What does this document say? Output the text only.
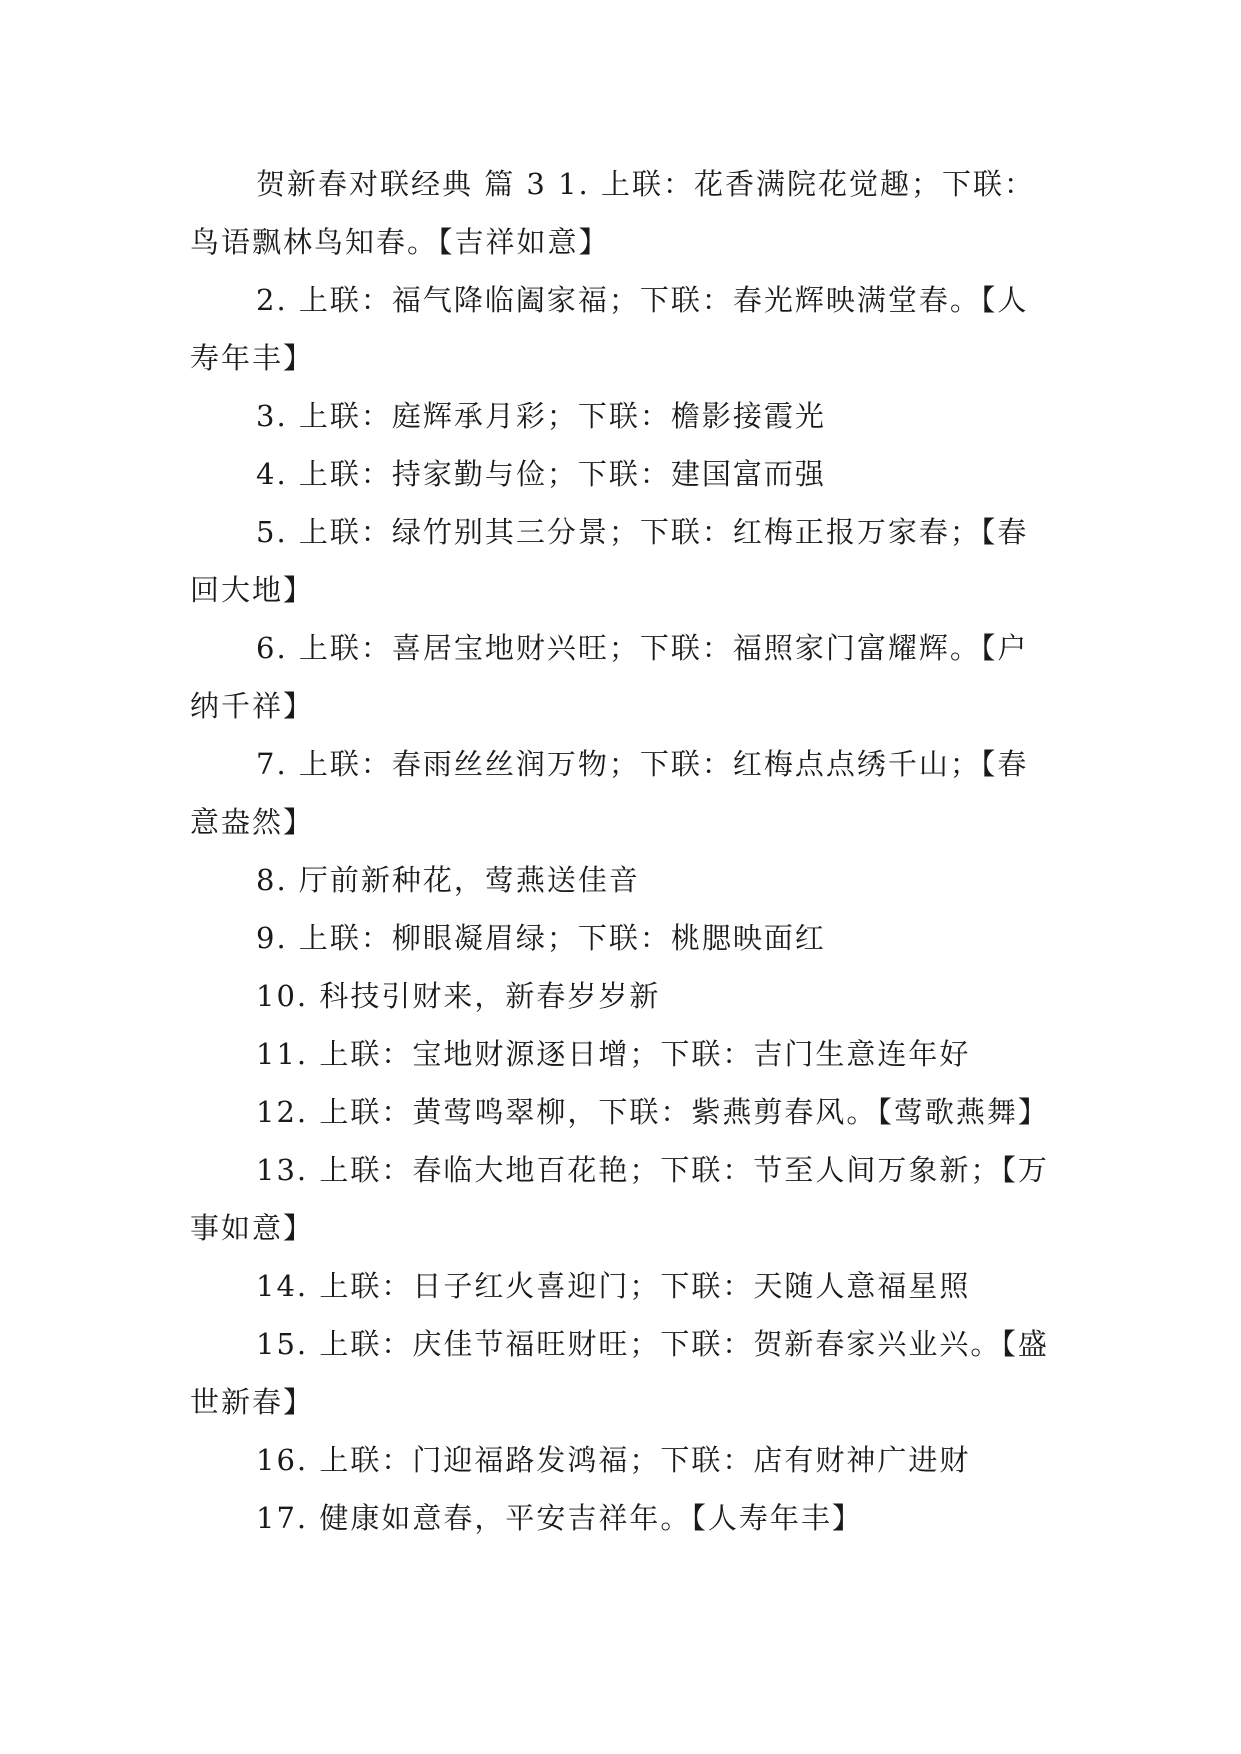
贺新春对联经典 篇 3 1. 上联：花香满院花觉趣；下联：鸟语飘林鸟知春。【吉祥如意】

2. 上联：福气降临阖家福；下联：春光辉映满堂春。【人寿年丰】

3. 上联：庭辉承月彩；下联：檐影接霞光

4. 上联：持家勤与俭；下联：建国富而强

5. 上联：绿竹别其三分景；下联：红梅正报万家春；【春回大地】

6. 上联：喜居宝地财兴旺；下联：福照家门富耀辉。【户纳千祥】

7. 上联：春雨丝丝润万物；下联：红梅点点绣千山；【春意盎然】

8. 厅前新种花，莺燕送佳音

9. 上联：柳眼凝眉绿；下联：桃腮映面红

10. 科技引财来，新春岁岁新

11. 上联：宝地财源逐日增；下联：吉门生意连年好

12. 上联：黄莺鸣翠柳，下联：紫燕剪春风。【莺歌燕舞】

13. 上联：春临大地百花艳；下联：节至人间万象新；【万事如意】

14. 上联：日子红火喜迎门；下联：天随人意福星照

15. 上联：庆佳节福旺财旺；下联：贺新春家兴业兴。【盛世新春】

16. 上联：门迎福路发鸿福；下联：店有财神广进财

17. 健康如意春，平安吉祥年。【人寿年丰】
